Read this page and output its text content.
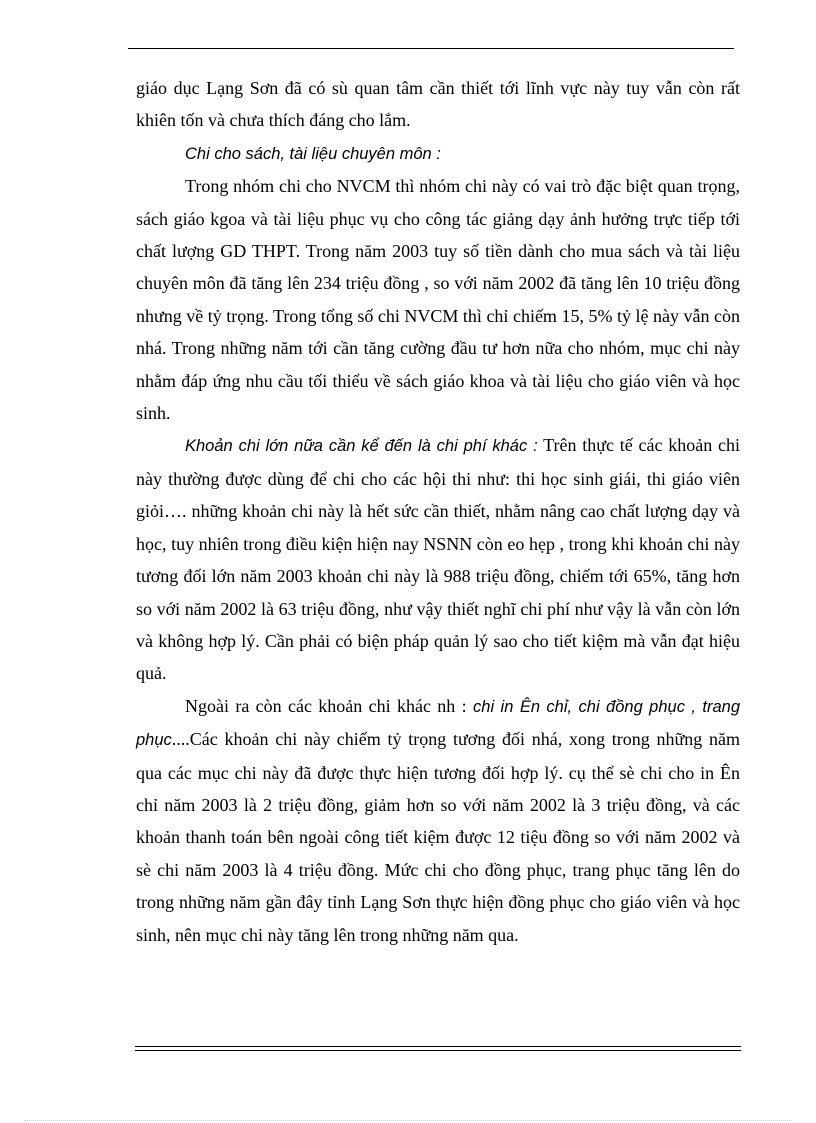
giáo dục Lạng Sơn đã có sù quan tâm cần thiết tới lĩnh vực này tuy vẫn còn rất khiên tốn và chưa thích đáng cho lắm.

Chi cho sách, tài liệu chuyên môn :

Trong nhóm chi cho NVCM thì nhóm chi này có vai trò đặc biệt quan trọng, sách giáo kgoa và tài liệu phục vụ cho công tác giảng dạy ảnh hưởng trực tiếp tới chất lượng GD THPT. Trong năm 2003 tuy số tiền dành cho mua sách và tài liệu chuyên môn đã tăng lên 234 triệu đồng , so với năm 2002 đã tăng lên 10 triệu đồng nhưng về tỷ trọng. Trong tổng số chi NVCM thì chỉ chiếm 15, 5% tỷ lệ này vẫn còn nhá. Trong những năm tới cần tăng cường đầu tư hơn nữa cho nhóm, mục chi này nhằm đáp ứng nhu cầu tối thiểu về sách giáo khoa và tài liệu cho giáo viên và học sinh.

Khoản chi lớn nữa cần kể đến là chi phí khác : Trên thực tế các khoản chi này thường được dùng để chi cho các hội thi như: thi học sinh giái, thi giáo viên giỏi…. những khoản chi này là hết sức cần thiết, nhằm nâng cao chất lượng dạy và học, tuy nhiên trong điều kiện hiện nay NSNN còn eo hẹp , trong khi khoản chi này tương đối lớn năm 2003 khoản chi này là 988 triệu đồng, chiếm tới 65%, tăng hơn so với năm 2002 là 63 triệu đồng, như vậy thiết nghĩ chi phí như vậy là vẫn còn lớn và không hợp lý. Cần phải có biện pháp quản lý sao cho tiết kiệm mà vẫn đạt hiệu quả.

Ngoài ra còn các khoản chi khác nh : chi in Ên chỉ, chi đồng phục , trang phục....Các khoản chi này chiếm tỷ trọng tương đối nhá, xong trong những năm qua các mục chi này đã được thực hiện tương đối hợp lý. cụ thể sè chi cho in Ên chỉ năm 2003 là 2 triệu đồng, giảm hơn so với năm 2002 là 3 triệu đồng, và các khoản thanh toán bên ngoài công tiết kiệm được 12 tiệu đồng so với năm 2002 và sè chi năm 2003 là 4 triệu đồng. Mức chi cho đồng phục, trang phục tăng lên do trong những năm gần đây tỉnh Lạng Sơn thực hiện đồng phục cho giáo viên và học sinh, nên mục chi này tăng lên trong những năm qua.
